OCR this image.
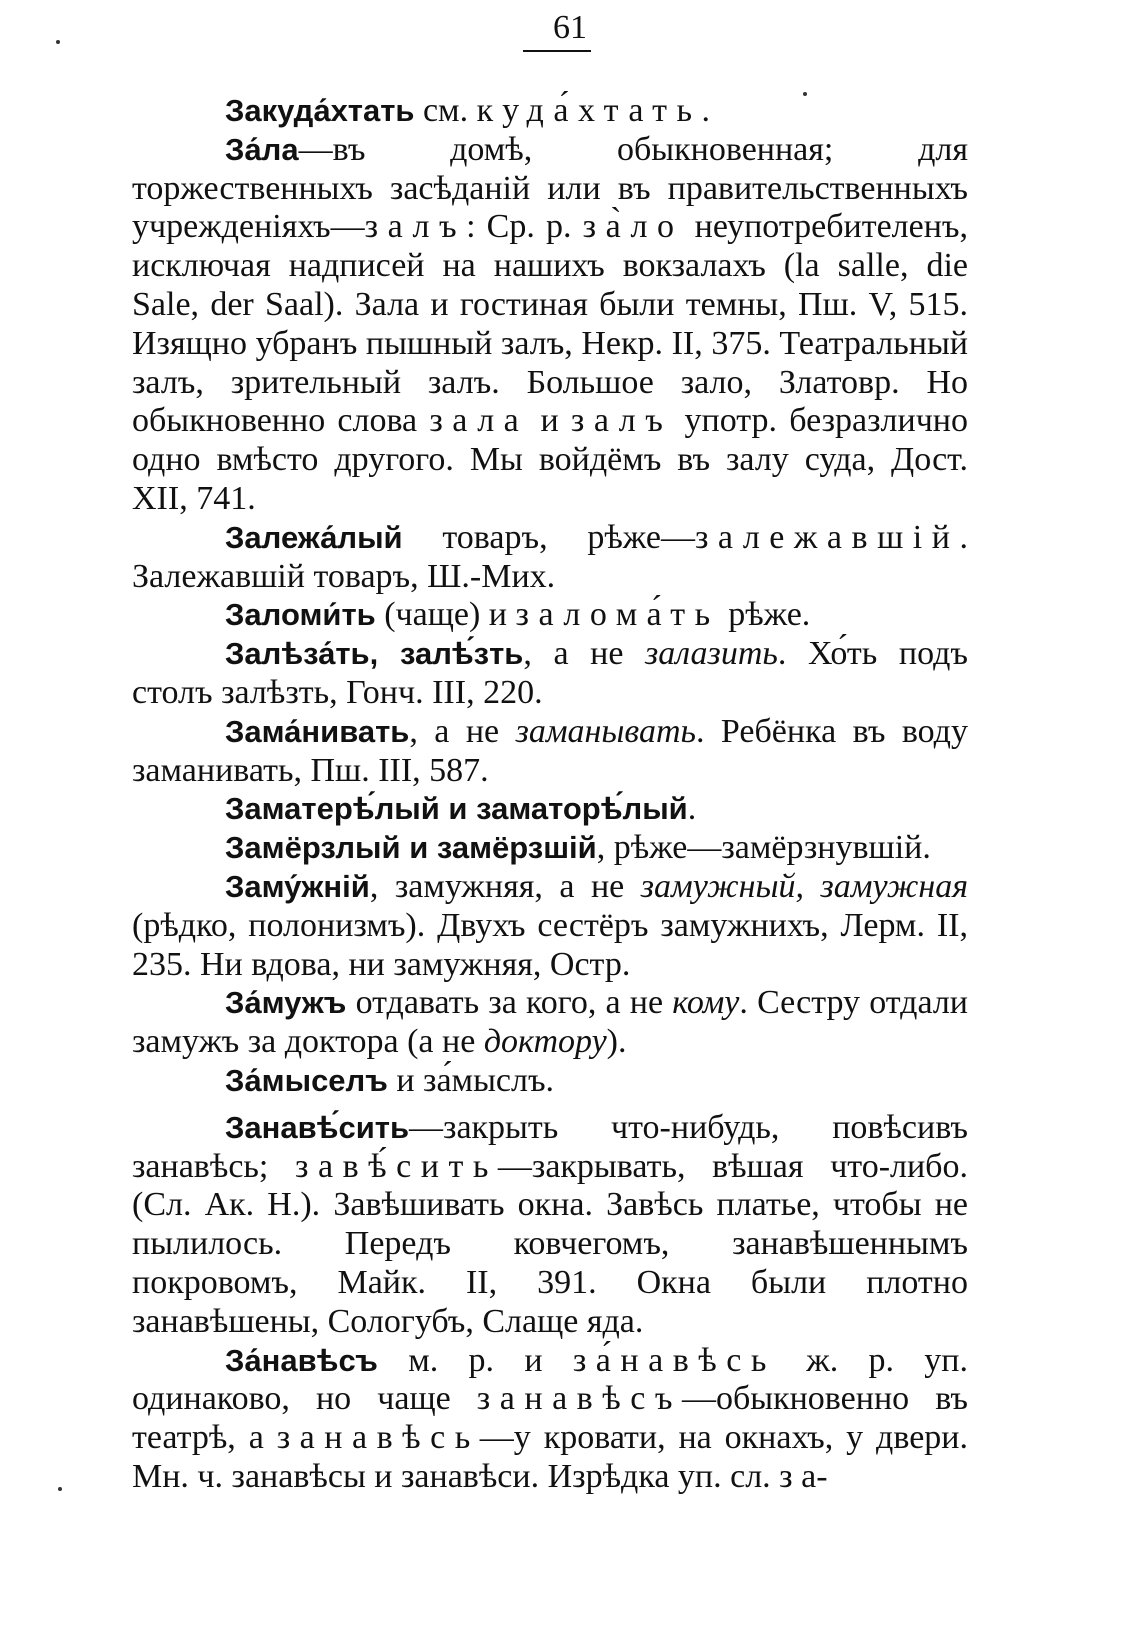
61

Закуда́хтать см. куда́хтать.

За́ла—въ домѣ, обыкновенная; для торжественныхъ засѣданій или въ правительственныхъ учрежденіяхъ—залъ: Ср. р. за̀ло неупотребителенъ, исключая надписей на нашихъ вокзалахъ (la salle, die Sale, der Saal). Зала и гостиная были темны, Пш. V, 515. Изящно убранъ пышный залъ, Некр. II, 375. Театральный залъ, зрительный залъ. Большое зало, Златовр. Но обыкновенно слова зала и залъ употр. безразлично одно вмѣсто другого. Мы войдёмъ въ залу суда, Дост. XII, 741.

Залежа́лый товаръ, рѣже—залежавшій. Залежавшій товаръ, Ш.-Мих.

Заломи́ть (чаще) и залома́ть рѣже.

Залѣза́ть, залѣ́зть, а не залазить. Хо́ть подъ столъ залѣзть, Гонч. III, 220.

Зама́нивать, а не заманывать. Ребёнка въ воду заманивать, Пш. III, 587.

Заматерѣ́лый и заматорѣ́лый.

Замёрзлый и замёрзшій, рѣже—замёрзнувшій.

Заму́жній, замужняя, а не замужный, замужная (рѣдко, полонизмъ). Двухъ сестёръ замужнихъ, Лерм. II, 235. Ни вдова, ни замужняя, Остр.

За́мужъ отдавать за кого, а не кому. Сестру отдали замужъ за доктора (а не доктору).

За́мыселъ и за́мыслъ.

Занавѣ́сить—закрыть что-нибудь, повѣсивъ занавѣсь; завѣ́сить—закрывать, вѣшая что-либо. (Сл. Ак. Н.). Завѣшивать окна. Завѣсь платье, чтобы не пылилось. Передъ ковчегомъ, занавѣшеннымъ покровомъ, Майк. II, 391. Окна были плотно занавѣшены, Сологубъ, Слаще яда.

За́навѣсъ м. р. и за́навѣсь ж. р. уп. одинаково, но чаще занавѣсъ—обыкновенно въ театрѣ, а занавѣсь—у кровати, на окнахъ, у двери. Мн. ч. занавѣсы и занавѣси. Изрѣдка уп. сл. з а-
